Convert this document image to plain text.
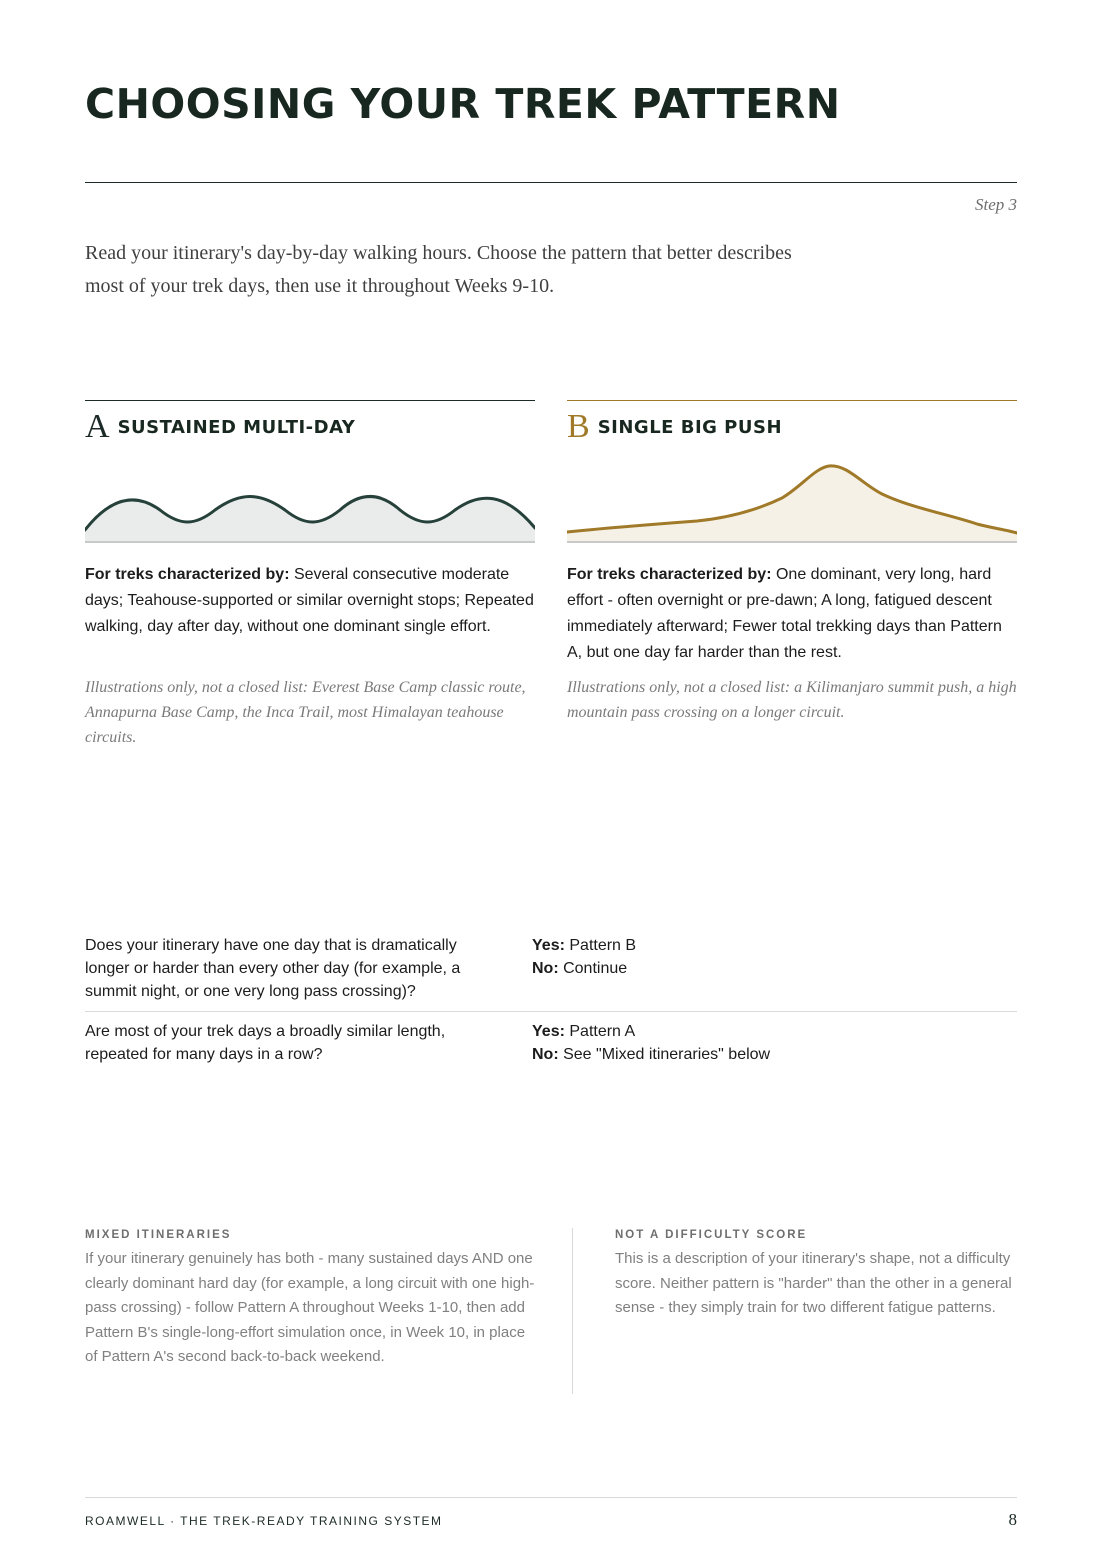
CHOOSING YOUR TREK PATTERN
Step 3

Read your itinerary's day-by-day walking hours. Choose the pattern that better describes most of your trek days, then use it throughout Weeks 9-10.

ASUSTAINED MULTI-DAY

For treks characterized by: Several consecutive moderate days; Teahouse-supported or similar overnight stops; Repeated walking, day after day, without one dominant single effort.

Illustrations only, not a closed list: Everest Base Camp classic route, Annapurna Base Camp, the Inca Trail, most Himalayan teahouse circuits.

BSINGLE BIG PUSH

For treks characterized by: One dominant, very long, hard effort - often overnight or pre-dawn; A long, fatigued descent immediately afterward; Fewer total trekking days than Pattern A, but one day far harder than the rest.

Illustrations only, not a closed list: a Kilimanjaro summit push, a high mountain pass crossing on a longer circuit.

Does your itinerary have one day that is dramatically longer or harder than every other day (for example, a summit night, or one very long pass crossing)?

Yes: Pattern B
No: Continue

Are most of your trek days a broadly similar length, repeated for many days in a row?

Yes: Pattern A
No: See "Mixed itineraries" below
MIXED ITINERARIES

If your itinerary genuinely has both - many sustained days AND one clearly dominant hard day (for example, a long circuit with one high-pass crossing) - follow Pattern A throughout Weeks 1-10, then add Pattern B's single-long-effort simulation once, in Week 10, in place of Pattern A's second back-to-back weekend.

NOT A DIFFICULTY SCORE

This is a description of your itinerary's shape, not a difficulty score. Neither pattern is "harder" than the other in a general sense - they simply train for two different fatigue patterns.

ROAMWELL · THE TREK-READY TRAINING SYSTEM	8
